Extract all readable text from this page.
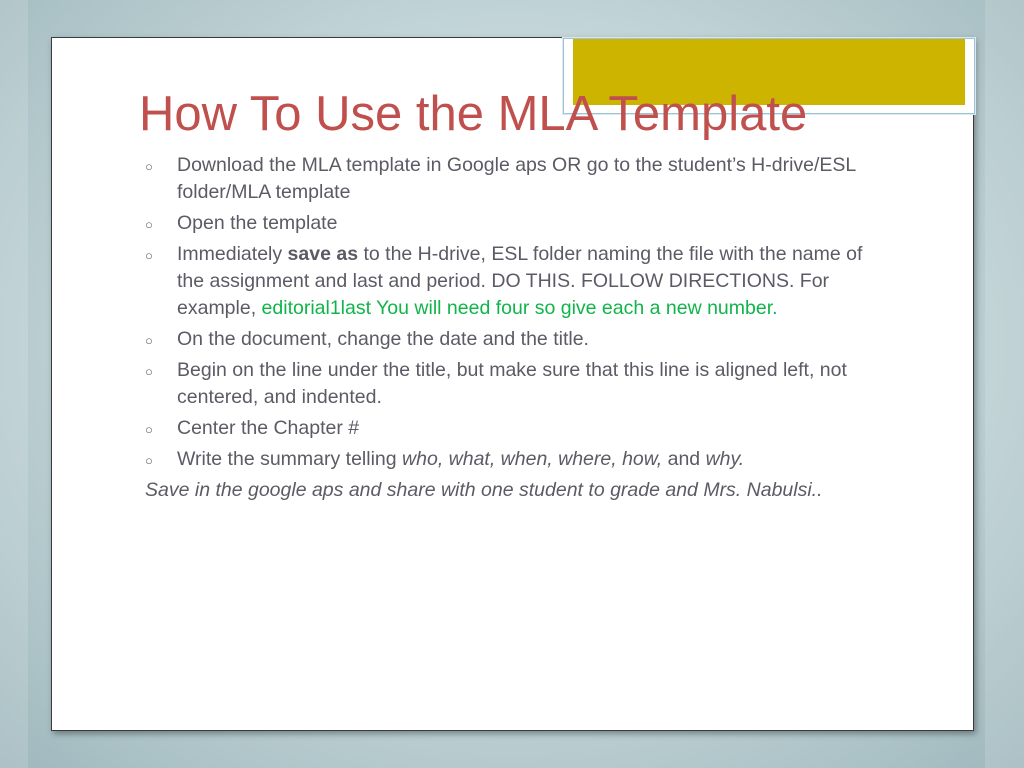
How To Use the MLA Template
○ Download the MLA template in Google aps OR go to the student’s H-drive/ESL folder/MLA template
○ Open the template
○ Immediately save as to the H-drive, ESL folder naming the file with the name of the assignment and last and period. DO THIS. FOLLOW DIRECTIONS. For example, editorial1last You will need four so give each a new number.
○ On the document, change the date and the title.
○ Begin on the line under the title, but make sure that this line is aligned left, not centered, and indented.
○ Center the Chapter #
○ Write the summary telling who, what, when, where, how, and why.

Save in the google aps and share with one student to grade and Mrs. Nabulsi..
